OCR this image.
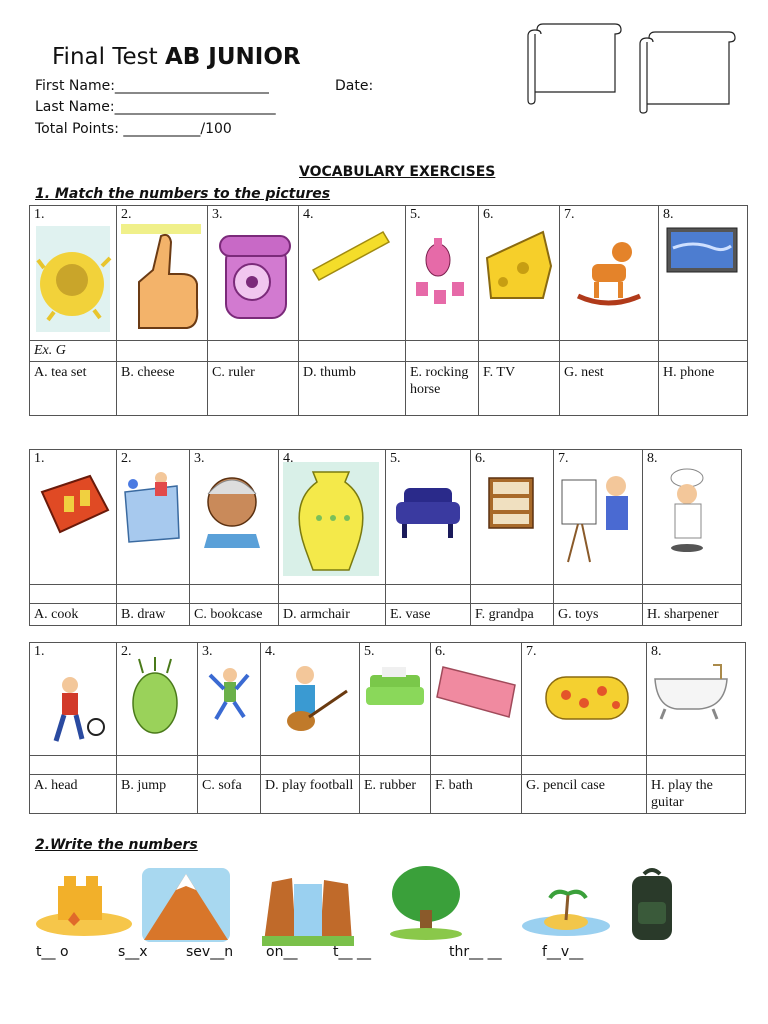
Final Test AB JUNIOR
First Name:______________________	Date:
Last Name:_______________________
Total Points: ___________/100
VOCABULARY EXERCISES
1. Match the numbers to the pictures
1.	2.	3.	4.	5.	6.	7.	8.

Ex. G							
A. tea set	B. cheese	C. ruler	D. thumb	E. rocking horse	F. TV	G. nest	H. phone
1.	2.	3.	4.	5.	6.	7.	8.

A. cook	B. draw	C. bookcase	D. armchair	E. vase	F. grandpa	G. toys	H. sharpener
1.	2.	3.	4.	5.	6.	7.	8.

A. head	B. jump	C. sofa	D. play football	E. rubber	F. bath	G. pencil case	H. play the guitar
2.Write the numbers
t__ o	s__x	sev__n on__	t__ __	thr__ __	f__v__
